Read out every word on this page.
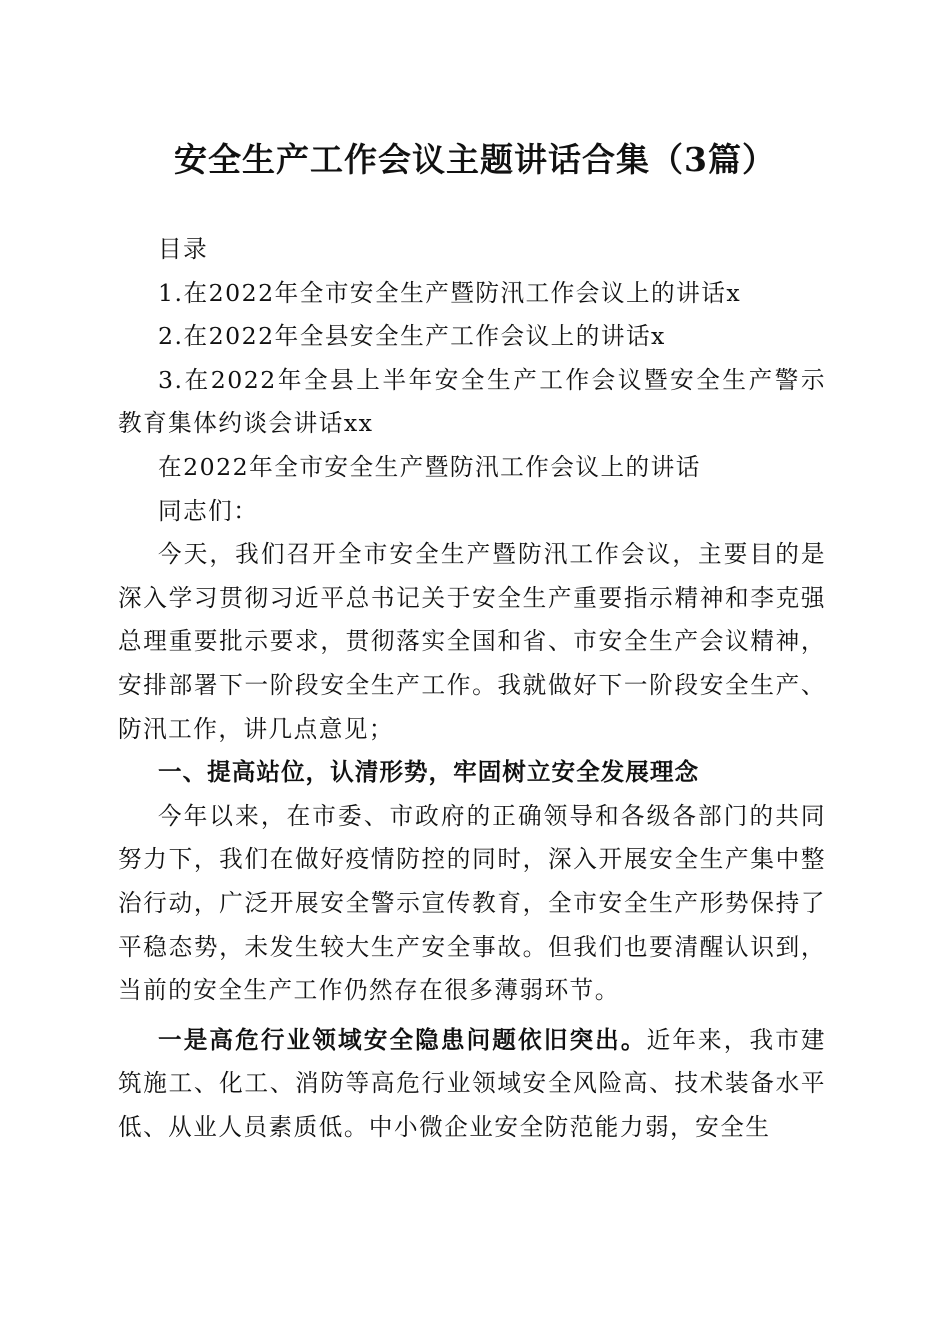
安全生产工作会议主题讲话合集（3篇）

目录

1.在2022年全市安全生产暨防汛工作会议上的讲话x

2.在2022年全县安全生产工作会议上的讲话x

3.在2022年全县上半年安全生产工作会议暨安全生产警示教育集体约谈会讲话xx

在2022年全市安全生产暨防汛工作会议上的讲话

同志们：

今天，我们召开全市安全生产暨防汛工作会议，主要目的是深入学习贯彻习近平总书记关于安全生产重要指示精神和李克强总理重要批示要求，贯彻落实全国和省、市安全生产会议精神，安排部署下一阶段安全生产工作。我就做好下一阶段安全生产、防汛工作，讲几点意见；

一、提高站位，认清形势，牢固树立安全发展理念

今年以来，在市委、市政府的正确领导和各级各部门的共同努力下，我们在做好疫情防控的同时，深入开展安全生产集中整治行动，广泛开展安全警示宣传教育，全市安全生产形势保持了平稳态势，未发生较大生产安全事故。但我们也要清醒认识到，当前的安全生产工作仍然存在很多薄弱环节。

一是高危行业领域安全隐患问题依旧突出。近年来，我市建筑施工、化工、消防等高危行业领域安全风险高、技术装备水平低、从业人员素质低。中小微企业安全防范能力弱，安全生
